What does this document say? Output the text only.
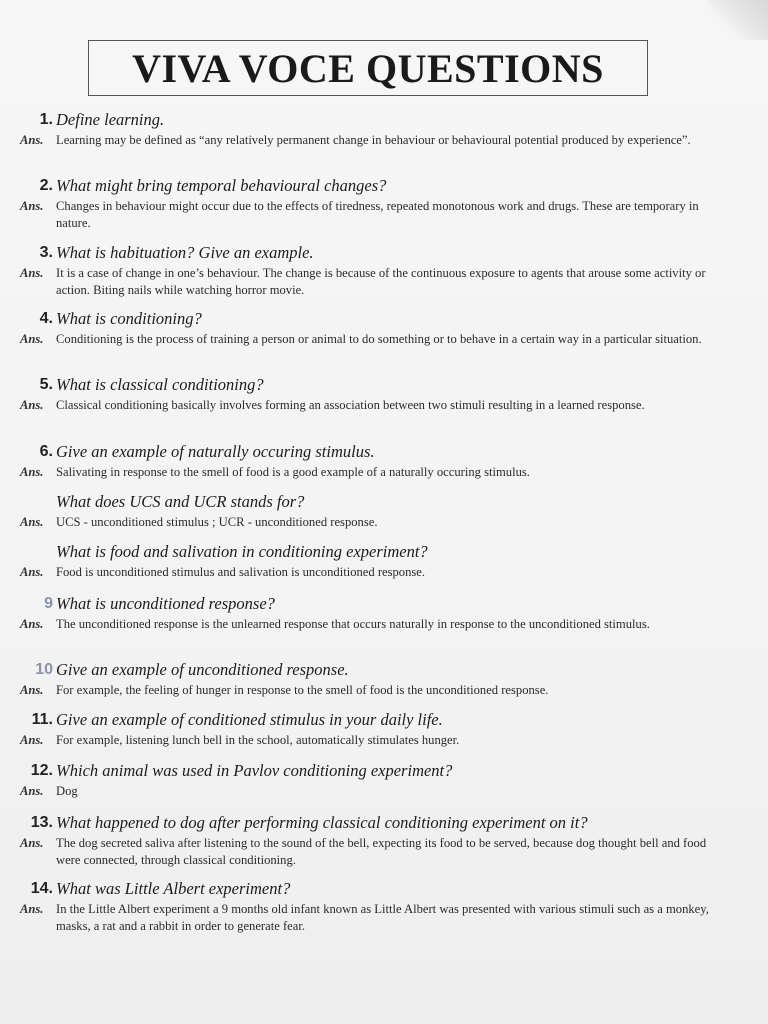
VIVA VOCE QUESTIONS
1. Define learning.
Ans. Learning may be defined as “any relatively permanent change in behaviour or behavioural potential produced by experience”.
2. What might bring temporal behavioural changes?
Ans. Changes in behaviour might occur due to the effects of tiredness, repeated monotonous work and drugs. These are temporary in nature.
3. What is habituation? Give an example.
Ans. It is a case of change in one’s behaviour. The change is because of the continuous exposure to agents that arouse some activity or action. Biting nails while watching horror movie.
4. What is conditioning?
Ans. Conditioning is the process of training a person or animal to do something or to behave in a certain way in a particular situation.
5. What is classical conditioning?
Ans. Classical conditioning basically involves forming an association between two stimuli resulting in a learned response.
6. Give an example of naturally occuring stimulus.
Ans. Salivating in response to the smell of food is a good example of a naturally occuring stimulus.
What does UCS and UCR stands for?
Ans. UCS - unconditioned stimulus ; UCR - unconditioned response.
What is food and salivation in conditioning experiment?
Ans. Food is unconditioned stimulus and salivation is unconditioned response.
9 What is unconditioned response?
Ans. The unconditioned response is the unlearned response that occurs naturally in response to the unconditioned stimulus.
10 Give an example of unconditioned response.
Ans. For example, the feeling of hunger in response to the smell of food is the unconditioned response.
11. Give an example of conditioned stimulus in your daily life.
Ans. For example, listening lunch bell in the school, automatically stimulates hunger.
12. Which animal was used in Pavlov conditioning experiment?
Ans. Dog
13. What happened to dog after performing classical conditioning experiment on it?
Ans. The dog secreted saliva after listening to the sound of the bell, expecting its food to be served, because dog thought bell and food were connected, through classical conditioning.
14. What was Little Albert experiment?
Ans. In the Little Albert experiment a 9 months old infant known as Little Albert was presented with various stimuli such as a monkey, masks, a rat and a rabbit in order to generate fear.
